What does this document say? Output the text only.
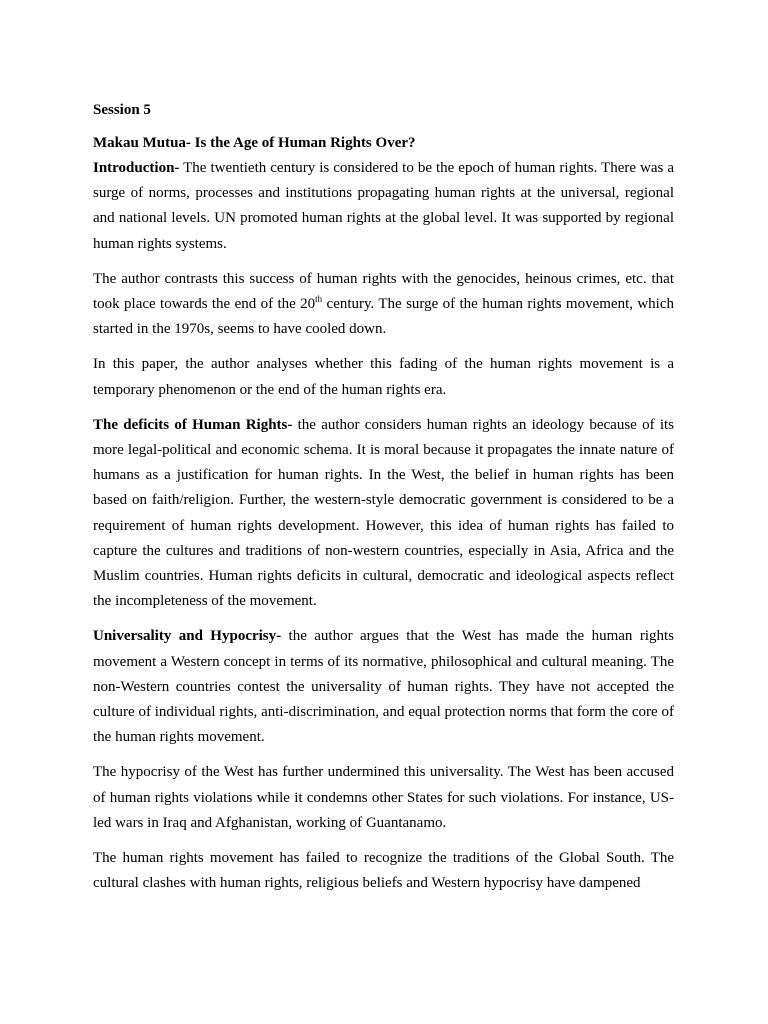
Session 5
Makau Mutua- Is the Age of Human Rights Over?

Introduction- The twentieth century is considered to be the epoch of human rights. There was a surge of norms, processes and institutions propagating human rights at the universal, regional and national levels. UN promoted human rights at the global level. It was supported by regional human rights systems.

The author contrasts this success of human rights with the genocides, heinous crimes, etc. that took place towards the end of the 20th century. The surge of the human rights movement, which started in the 1970s, seems to have cooled down.

In this paper, the author analyses whether this fading of the human rights movement is a temporary phenomenon or the end of the human rights era.

The deficits of Human Rights- the author considers human rights an ideology because of its more legal-political and economic schema. It is moral because it propagates the innate nature of humans as a justification for human rights. In the West, the belief in human rights has been based on faith/religion. Further, the western-style democratic government is considered to be a requirement of human rights development. However, this idea of human rights has failed to capture the cultures and traditions of non-western countries, especially in Asia, Africa and the Muslim countries. Human rights deficits in cultural, democratic and ideological aspects reflect the incompleteness of the movement.

Universality and Hypocrisy- the author argues that the West has made the human rights movement a Western concept in terms of its normative, philosophical and cultural meaning. The non-Western countries contest the universality of human rights. They have not accepted the culture of individual rights, anti-discrimination, and equal protection norms that form the core of the human rights movement.

The hypocrisy of the West has further undermined this universality. The West has been accused of human rights violations while it condemns other States for such violations. For instance, US-led wars in Iraq and Afghanistan, working of Guantanamo.

The human rights movement has failed to recognize the traditions of the Global South. The cultural clashes with human rights, religious beliefs and Western hypocrisy have dampened
